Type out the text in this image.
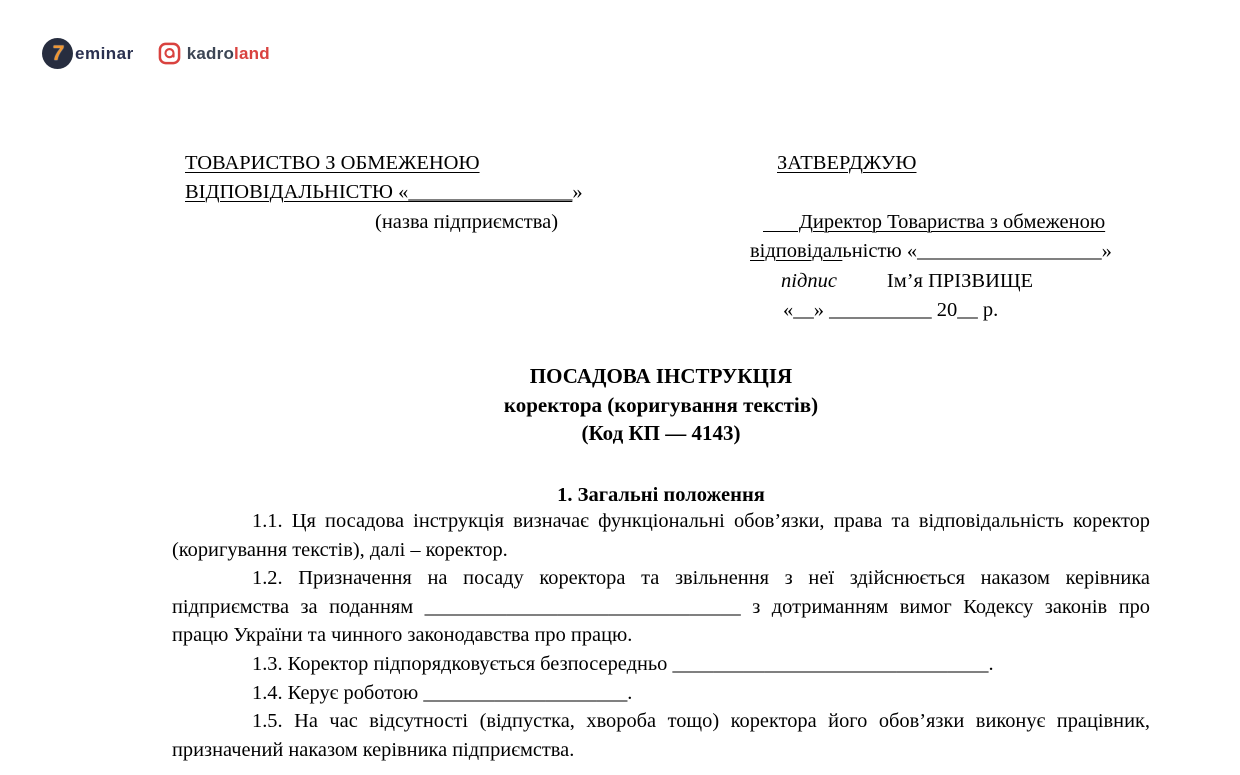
7 eminar	kadroland
ТОВАРИСТВО З ОБМЕЖЕНОЮ
ВІДПОВІДАЛЬНІСТЮ «________________»
(назва підприємства)
ЗАТВЕРДЖУЮ
Директор Товариства з обмеженою
відповідальністю «__________________»
підпис Ім’я ПРІЗВИЩЕ
«__» __________ 20__ р.
ПОСАДОВА ІНСТРУКЦІЯ
коректора (коригування текстів)
(Код КП — 4143)
1. Загальні положення

1.1. Ця посадова інструкція визначає функціональні обов’язки, права та відповідальність коректор (коригування текстів), далі – коректор.

1.2. Призначення на посаду коректора та звільнення з неї здійснюється наказом керівника підприємства за поданням _______________________________ з дотриманням вимог Кодексу законів про працю України та чинного законодавства про працю.

1.3. Коректор підпорядковується безпосередньо _______________________________.

1.4. Керує роботою ____________________.

1.5. На час відсутності (відпустка, хвороба тощо) коректора його обов’язки виконує працівник, призначений наказом керівника підприємства.
